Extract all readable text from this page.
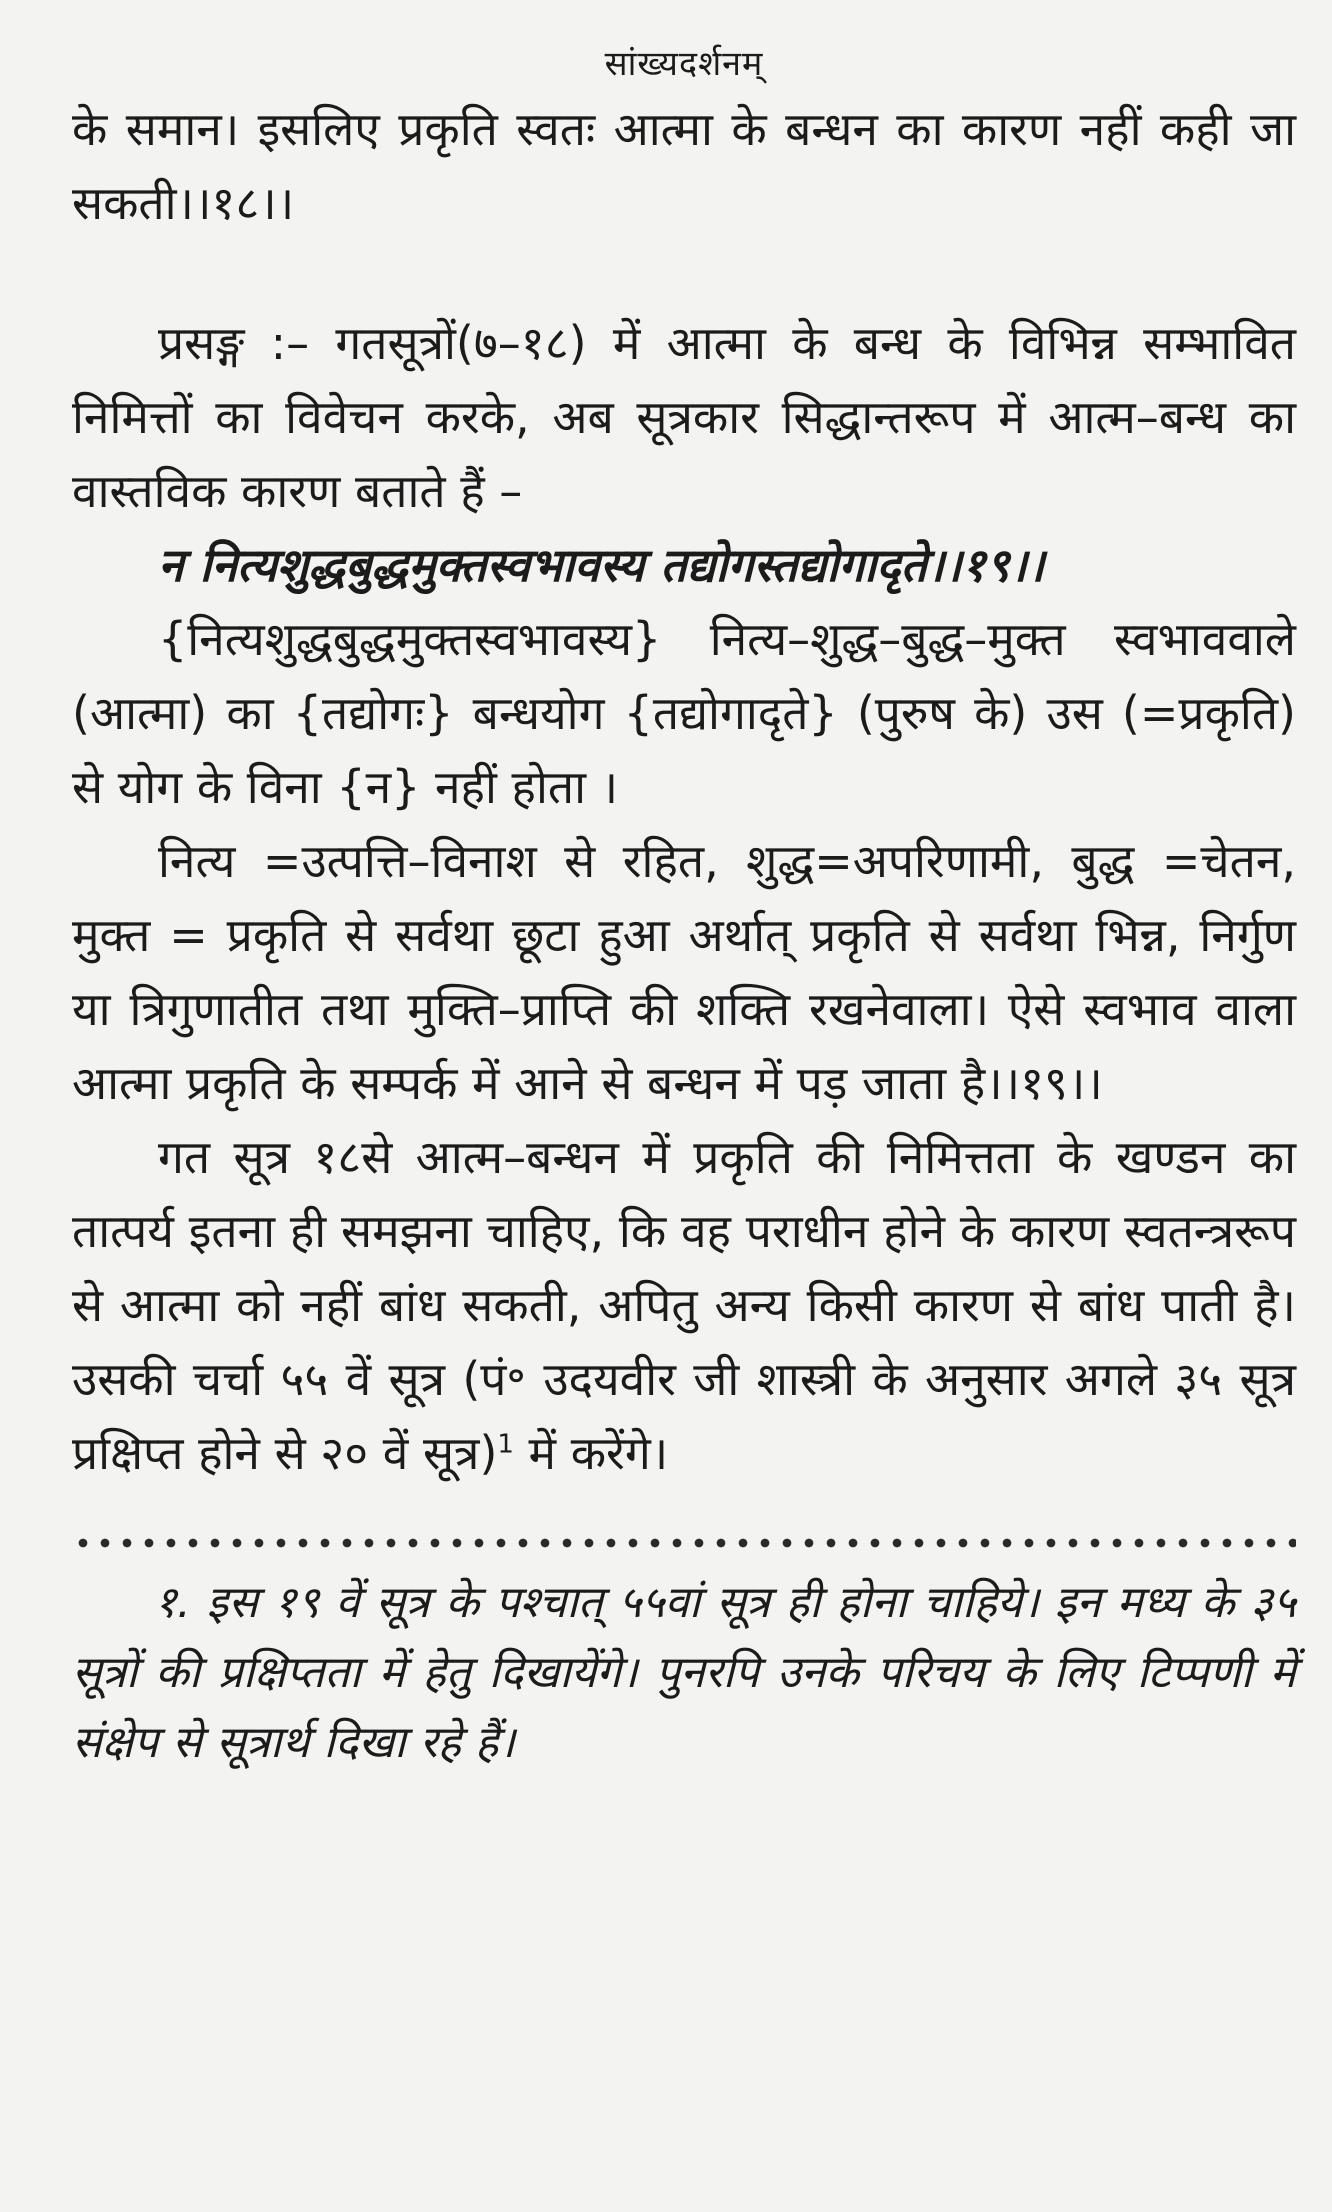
सांख्यदर्शनम्

के समान। इसलिए प्रकृति स्वतः आत्मा के बन्धन का कारण नहीं कही जा सकती।।१८।।

प्रसङ्ग :– गतसूत्रों(७–१८) में आत्मा के बन्ध के विभिन्न सम्भावित निमित्तों का विवेचन करके, अब सूत्रकार सिद्धान्तरूप में आत्म–बन्ध का वास्तविक कारण बताते हैं –

न नित्यशुद्धबुद्धमुक्तस्वभावस्य तद्योगस्तद्योगादृते।।१९।।

{नित्यशुद्धबुद्धमुक्तस्वभावस्य} नित्य–शुद्ध–बुद्ध–मुक्त स्वभाववाले (आत्मा) का {तद्योगः} बन्धयोग {तद्योगादृते} (पुरुष के) उस (=प्रकृति) से योग के विना {न} नहीं होता ।

नित्य =उत्पत्ति–विनाश से रहित, शुद्ध=अपरिणामी, बुद्ध =चेतन, मुक्त = प्रकृति से सर्वथा छूटा हुआ अर्थात् प्रकृति से सर्वथा भिन्न, निर्गुण या त्रिगुणातीत तथा मुक्ति–प्राप्ति की शक्ति रखनेवाला। ऐसे स्वभाव वाला आत्मा प्रकृति के सम्पर्क में आने से बन्धन में पड़ जाता है।।१९।।

गत सूत्र १८से आत्म–बन्धन में प्रकृति की निमित्तता के खण्डन का तात्पर्य इतना ही समझना चाहिए, कि वह पराधीन होने के कारण स्वतन्त्ररूप से आत्मा को नहीं बांध सकती, अपितु अन्य किसी कारण से बांध पाती है। उसकी चर्चा ५५ वें सूत्र (पं॰ उदयवीर जी शास्त्री के अनुसार अगले ३५ सूत्र प्रक्षिप्त होने से २० वें सूत्र)$^1$ में करेंगे।

१. इस १९ वें सूत्र के पश्चात् ५५वां सूत्र ही होना चाहिये। इन मध्य के ३५ सूत्रों की प्रक्षिप्तता में हेतु दिखायेंगे। पुनरपि उनके परिचय के लिए टिप्पणी में संक्षेप से सूत्रार्थ दिखा रहे हैं।
